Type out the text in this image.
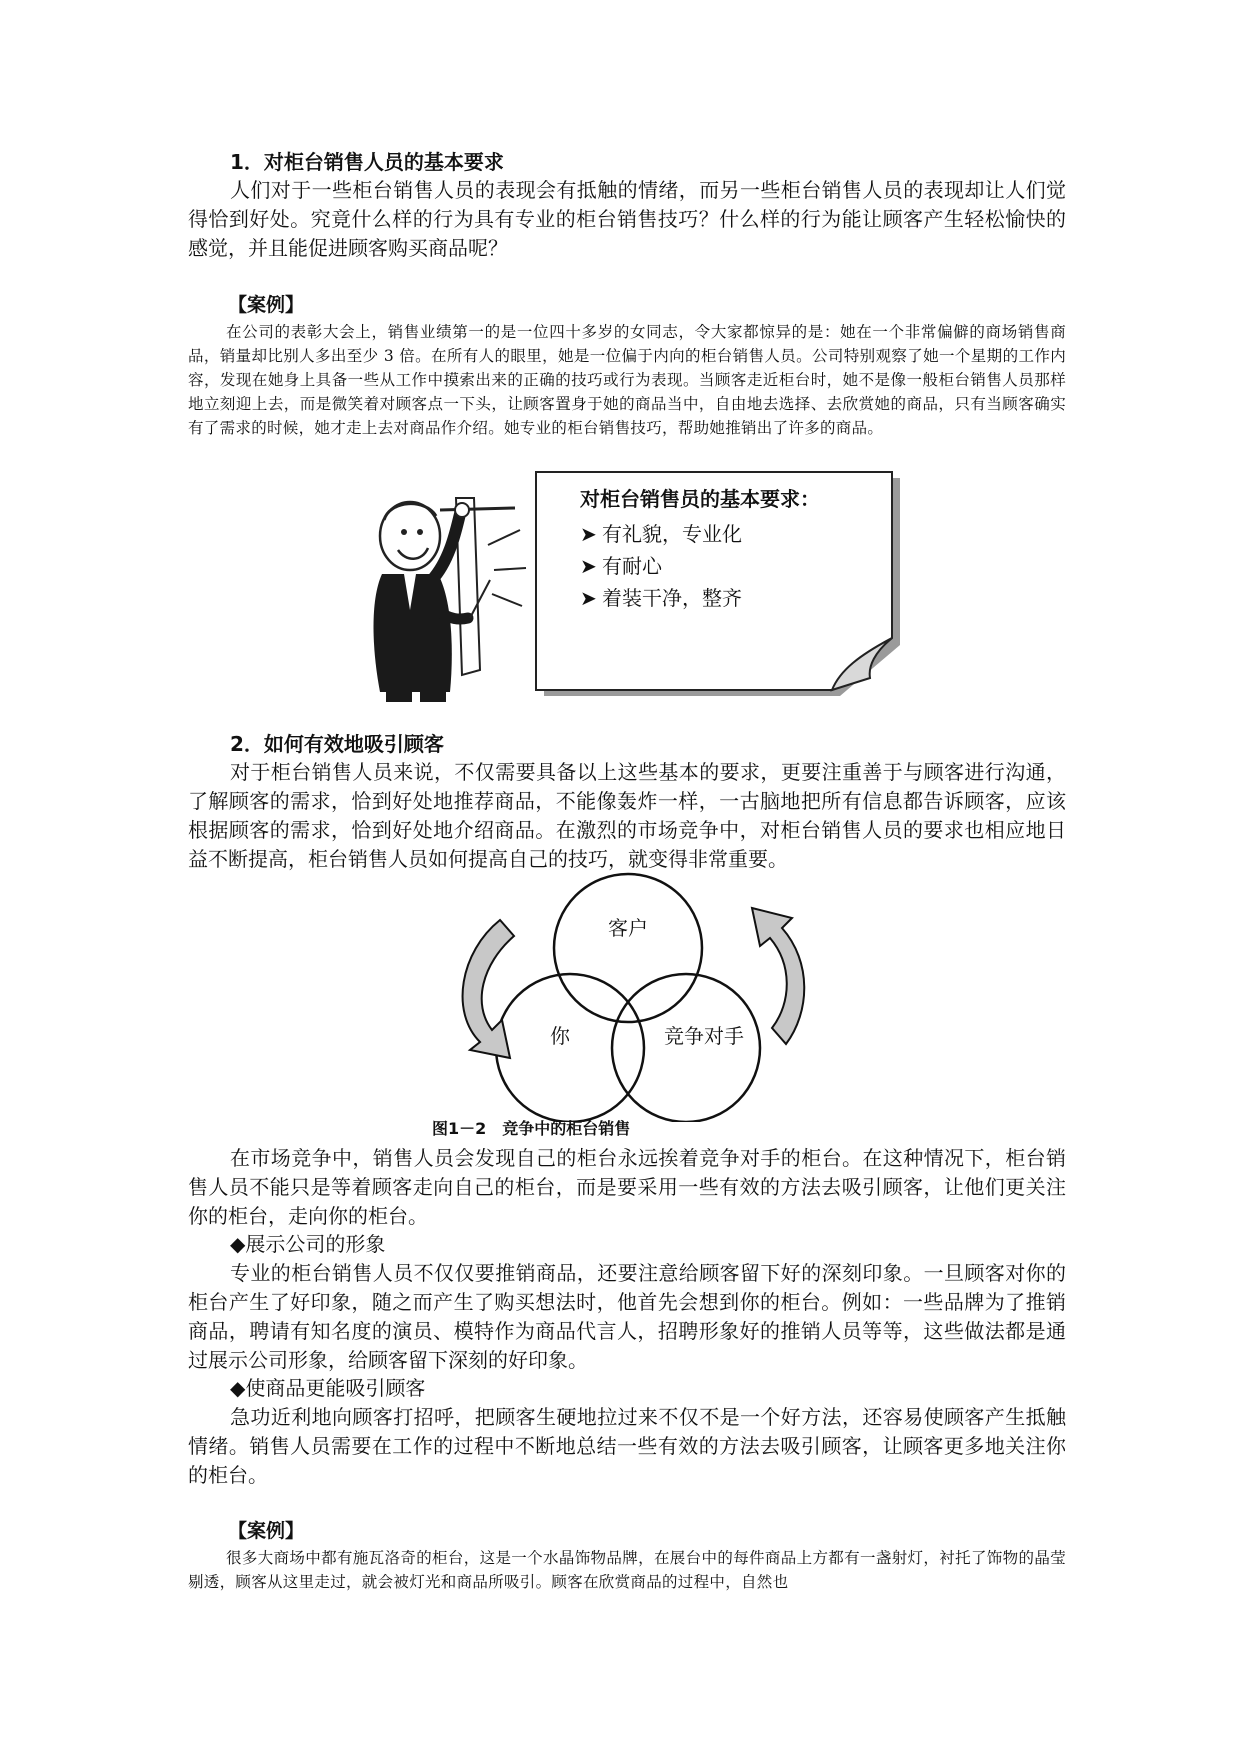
1．对柜台销售人员的基本要求

人们对于一些柜台销售人员的表现会有抵触的情绪，而另一些柜台销售人员的表现却让人们觉得恰到好处。究竟什么样的行为具有专业的柜台销售技巧？什么样的行为能让顾客产生轻松愉快的感觉，并且能促进顾客购买商品呢？

【案例】

在公司的表彰大会上，销售业绩第一的是一位四十多岁的女同志，令大家都惊异的是：她在一个非常偏僻的商场销售商品，销量却比别人多出至少 3 倍。在所有人的眼里，她是一位偏于内向的柜台销售人员。公司特别观察了她一个星期的工作内容，发现在她身上具备一些从工作中摸索出来的正确的技巧或行为表现。当顾客走近柜台时，她不是像一般柜台销售人员那样地立刻迎上去，而是微笑着对顾客点一下头，让顾客置身于她的商品当中，自由地去选择、去欣赏她的商品，只有当顾客确实有了需求的时候，她才走上去对商品作介绍。她专业的柜台销售技巧，帮助她推销出了许多的商品。

对柜台销售员的基本要求：

➤ 有礼貌，专业化

➤ 有耐心

➤ 着装干净，整齐

2．如何有效地吸引顾客

对于柜台销售人员来说，不仅需要具备以上这些基本的要求，更要注重善于与顾客进行沟通，了解顾客的需求，恰到好处地推荐商品，不能像轰炸一样，一古脑地把所有信息都告诉顾客，应该根据顾客的需求，恰到好处地介绍商品。在激烈的市场竞争中，对柜台销售人员的要求也相应地日益不断提高，柜台销售人员如何提高自己的技巧，就变得非常重要。

客户
你	竞争对手

图1－2　竞争中的柜台销售

在市场竞争中，销售人员会发现自己的柜台永远挨着竞争对手的柜台。在这种情况下，柜台销售人员不能只是等着顾客走向自己的柜台，而是要采用一些有效的方法去吸引顾客，让他们更关注你的柜台，走向你的柜台。

◆展示公司的形象

专业的柜台销售人员不仅仅要推销商品，还要注意给顾客留下好的深刻印象。一旦顾客对你的柜台产生了好印象，随之而产生了购买想法时，他首先会想到你的柜台。例如：一些品牌为了推销商品，聘请有知名度的演员、模特作为商品代言人，招聘形象好的推销人员等等，这些做法都是通过展示公司形象，给顾客留下深刻的好印象。

◆使商品更能吸引顾客

急功近利地向顾客打招呼，把顾客生硬地拉过来不仅不是一个好方法，还容易使顾客产生抵触情绪。销售人员需要在工作的过程中不断地总结一些有效的方法去吸引顾客，让顾客更多地关注你的柜台。

【案例】

很多大商场中都有施瓦洛奇的柜台，这是一个水晶饰物品牌，在展台中的每件商品上方都有一盏射灯，衬托了饰物的晶莹剔透，顾客从这里走过，就会被灯光和商品所吸引。顾客在欣赏商品的过程中，自然也
